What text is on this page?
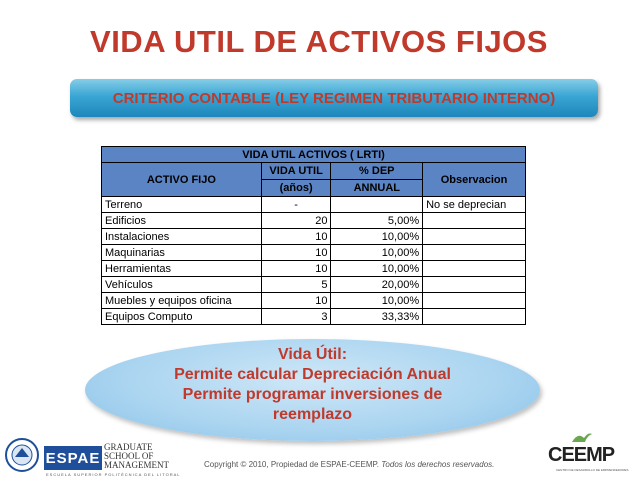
VIDA UTIL DE ACTIVOS FIJOS
CRITERIO CONTABLE (LEY REGIMEN TRIBUTARIO INTERNO)
VIDA UTIL ACTIVOS ( LRTI)			
ACTIVO FIJO	VIDA UTIL	% DEP	Observacion
	(años)	ANNUAL	
Terreno	-		No se deprecian
Edificios	20	5,00%	
Instalaciones	10	10,00%	
Maquinarias	10	10,00%	
Herramientas	10	10,00%	
Vehículos	5	20,00%	
Muebles y equipos oficina	10	10,00%	
Equipos Computo	3	33,33%	
Vida Útil:
Permite calcular Depreciación Anual
Permite programar inversiones de
reemplazo
ESPAE
GRADUATE
SCHOOL OF
MANAGEMENT
ESCUELA SUPERIOR POLITÉCNICA DEL LITORAL
Copyright © 2010, Propiedad de ESPAE-CEEMP. Todos los derechos reservados.	CEEMP
CENTRO DE DESARROLLO DE EMPRENDEDORES
